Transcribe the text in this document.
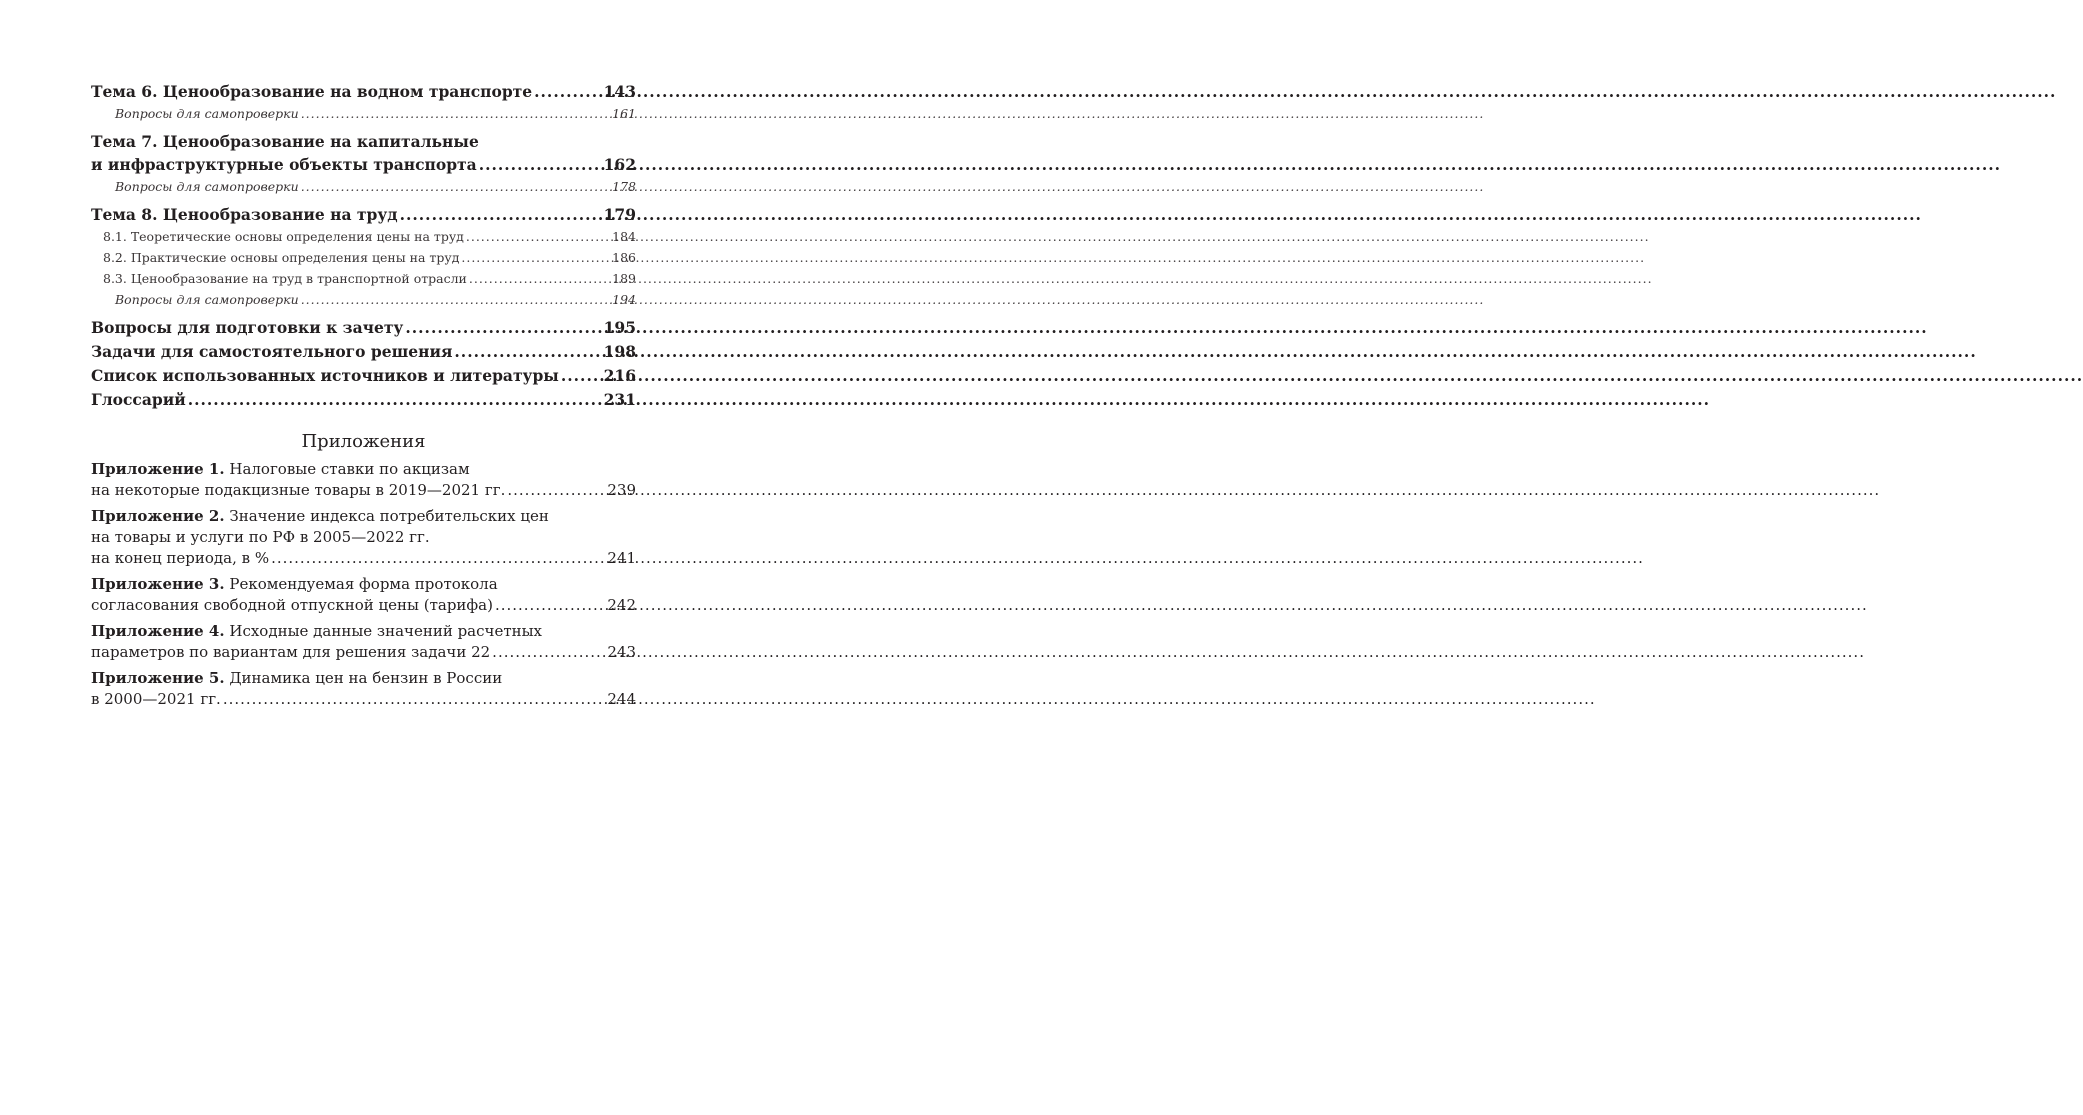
Тема 6. Ценообразование на водном транспорте .....	143
Вопросы для самопроверки .....	161
Тема 7. Ценообразование на капитальные
и инфраструктурные объекты транспорта .....	162
Вопросы для самопроверки .....	178
Тема 8. Ценообразование на труд .....	179
8.1. Теоретические основы определения цены на труд .....	184
8.2. Практические основы определения цены на труд .....	186
8.3. Ценообразование на труд в транспортной отрасли .....	189
Вопросы для самопроверки .....	194
Вопросы для подготовки к зачету .....	195
Задачи для самостоятельного решения .....	198
Список использованных источников и литературы .....	216
Глоссарий .....	231
Приложения
Приложение 1. Налоговые ставки по акцизам
на некоторые подакцизные товары в 2019—2021 гг. .....	239
Приложение 2. Значение индекса потребительских цен
на товары и услуги по РФ в 2005—2022 гг.
на конец периода, в % .....	241
Приложение 3. Рекомендуемая форма протокола
согласования свободной отпускной цены (тарифа) .....	242
Приложение 4. Исходные данные значений расчетных
параметров по вариантам для решения задачи 22 .....	243
Приложение 5. Динамика цен на бензин в России
в 2000—2021 гг. .....	244
